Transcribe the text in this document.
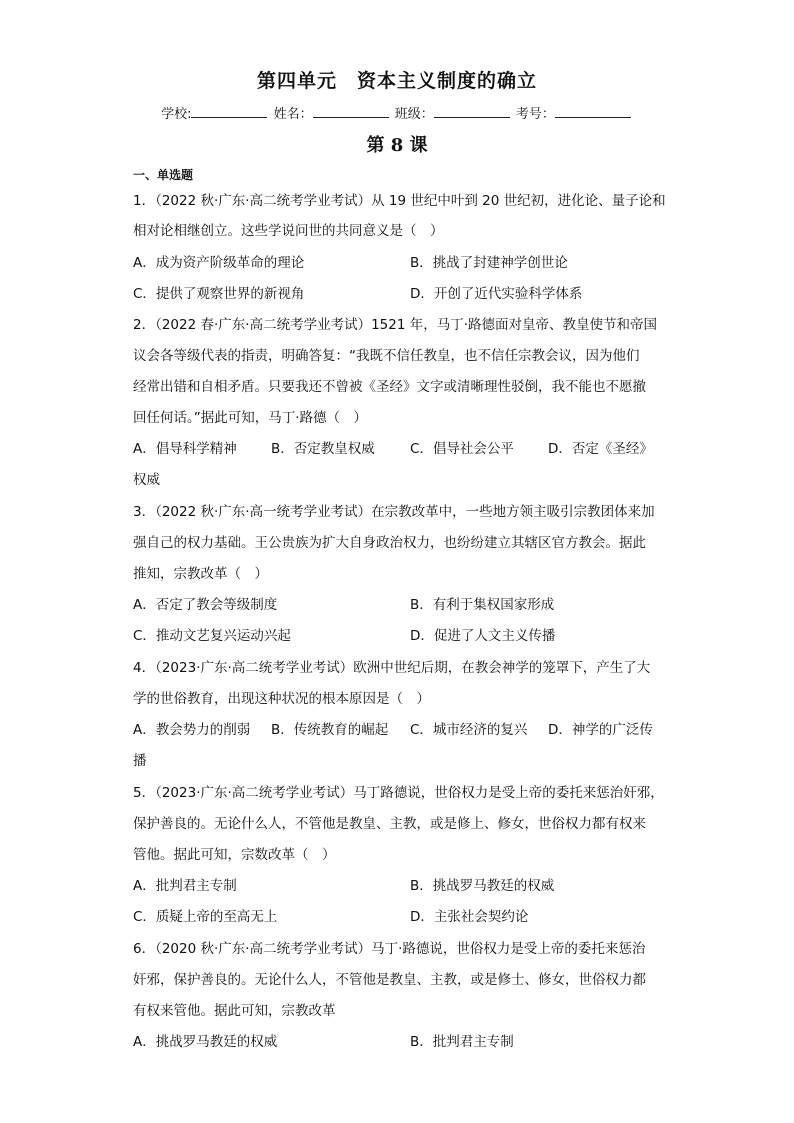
第四单元　资本主义制度的确立
学校:	姓名：	班级：	考号：
第 8 课
一、单选题
1．（2022 秋·广东·高二统考学业考试）从 19 世纪中叶到 20 世纪初，进化论、量子论和
相对论相继创立。这些学说问世的共同意义是（　）
A．成为资产阶级革命的理论	B．挑战了封建神学创世论
C．提供了观察世界的新视角	D．开创了近代实验科学体系
2．（2022 春·广东·高二统考学业考试）1521 年，马丁·路德面对皇帝、教皇使节和帝国
议会各等级代表的指责，明确答复：“我既不信任教皇，也不信任宗教会议，因为他们
经常出错和自相矛盾。只要我还不曾被《圣经》文字或清晰理性驳倒，我不能也不愿撤
回任何话。”据此可知，马丁·路德（　）
A．倡导科学精神	B．否定教皇权威	C．倡导社会公平	D．否定《圣经》
权威
3．（2022 秋·广东·高一统考学业考试）在宗教改革中，一些地方领主吸引宗教团体来加
强自己的权力基础。王公贵族为扩大自身政治权力，也纷纷建立其辖区官方教会。据此
推知，宗教改革（　）
A．否定了教会等级制度	B．有利于集权国家形成
C．推动文艺复兴运动兴起	D．促进了人文主义传播
4．（2023·广东·高二统考学业考试）欧洲中世纪后期，在教会神学的笼罩下，产生了大
学的世俗教育，出现这种状况的根本原因是（　）
A．教会势力的削弱 B．传统教育的崛起 C．城市经济的复兴 D．神学的广泛传
播
5．（2023·广东·高二统考学业考试）马丁路德说，世俗权力是受上帝的委托来惩治奸邪，
保护善良的。无论什么人，不管他是教皇、主教，或是修上、修女，世俗权力都有权来
管他。据此可知，宗数改革（　）
A．批判君主专制	B．挑战罗马教廷的权威
C．质疑上帝的至高无上	D．主张社会契约论
6．（2020 秋·广东·高二统考学业考试）马丁·路德说，世俗权力是受上帝的委托来惩治
奸邪，保护善良的。无论什么人，不管他是教皇、主教，或是修士、修女，世俗权力都
有权来管他。据此可知，宗教改革
A．挑战罗马教廷的权威	B．批判君主专制
